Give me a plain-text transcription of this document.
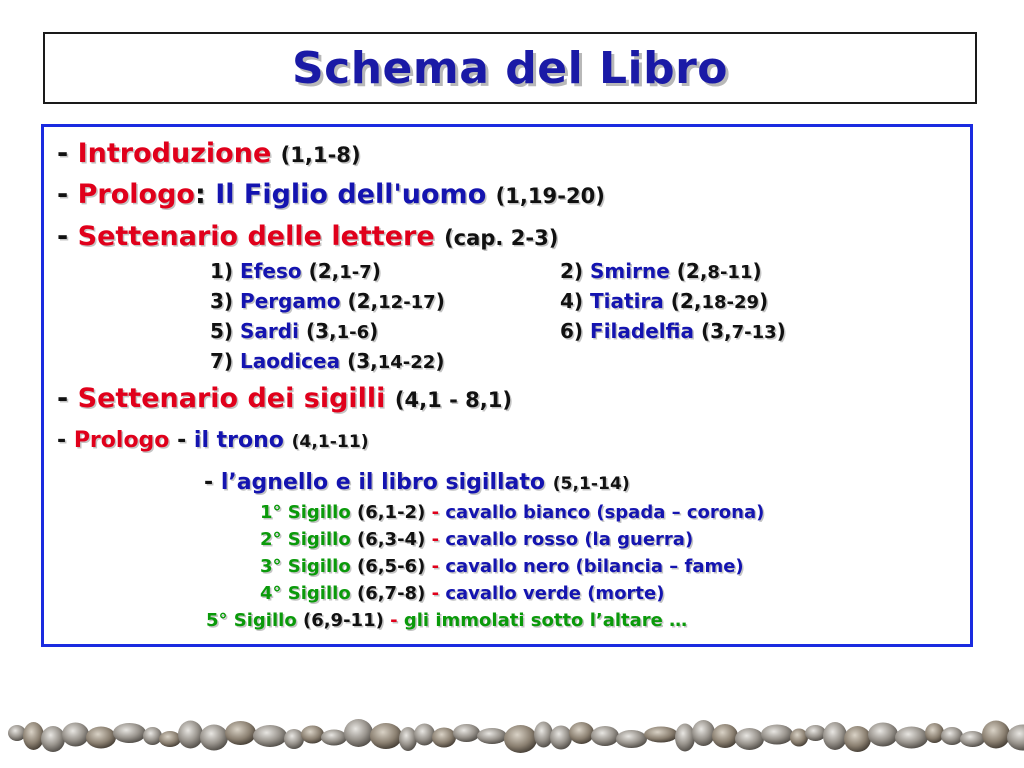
Schema del Libro
- Introduzione (1,1-8)
- Prologo: Il Figlio dell'uomo (1,19-20)
- Settenario delle lettere (cap. 2-3)
1) Efeso (2,1-7)	2) Smirne (2,8-11)
3) Pergamo (2,12-17)	4) Tiatira (2,18-29)
5) Sardi (3,1-6)	6) Filadelfia (3,7-13)
7) Laodicea (3,14-22)
- Settenario dei sigilli (4,1 - 8,1)
- Prologo - il trono (4,1-11)
- l’agnello e il libro sigillato (5,1-14)
1° Sigillo (6,1-2) - cavallo bianco (spada – corona)
2° Sigillo (6,3-4) - cavallo rosso (la guerra)
3° Sigillo (6,5-6) - cavallo nero (bilancia – fame)
4° Sigillo (6,7-8) - cavallo verde (morte)
5° Sigillo (6,9-11) - gli immolati sotto l’altare …
